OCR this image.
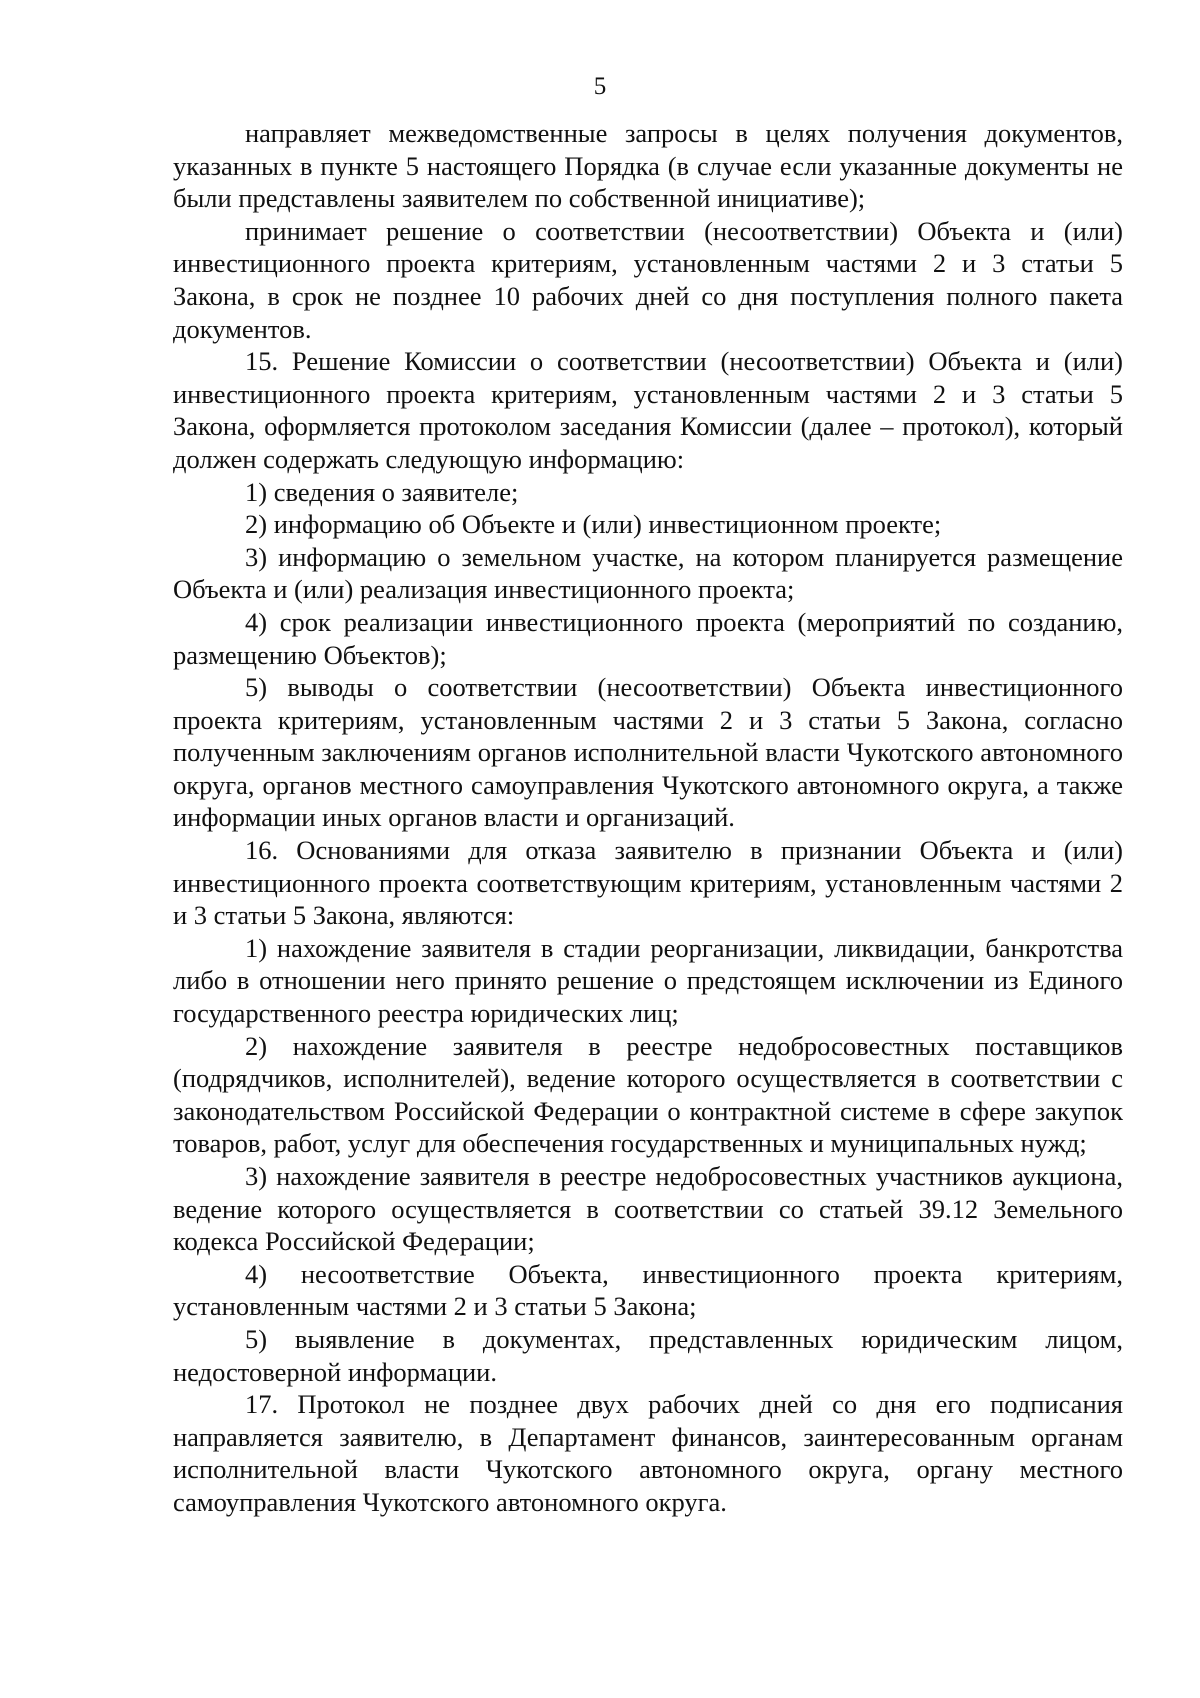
5

направляет межведомственные запросы в целях получения документов, указанных в пункте 5 настоящего Порядка (в случае если указанные документы не были представлены заявителем по собственной инициативе);

принимает решение о соответствии (несоответствии) Объекта и (или) инвестиционного проекта критериям, установленным частями 2 и 3 статьи 5 Закона, в срок не позднее 10 рабочих дней со дня поступления полного пакета документов.

15. Решение Комиссии о соответствии (несоответствии) Объекта и (или) инвестиционного проекта критериям, установленным частями 2 и 3 статьи 5 Закона, оформляется протоколом заседания Комиссии (далее – протокол), который должен содержать следующую информацию:

1) сведения о заявителе;

2) информацию об Объекте и (или) инвестиционном проекте;

3) информацию о земельном участке, на котором планируется размещение Объекта и (или) реализация инвестиционного проекта;

4) срок реализации инвестиционного проекта (мероприятий по созданию, размещению Объектов);

5) выводы о соответствии (несоответствии) Объекта инвестиционного проекта критериям, установленным частями 2 и 3 статьи 5 Закона, согласно полученным заключениям органов исполнительной власти Чукотского автономного округа, органов местного самоуправления Чукотского автономного округа, а также информации иных органов власти и организаций.

16. Основаниями для отказа заявителю в признании Объекта и (или) инвестиционного проекта соответствующим критериям, установленным частями 2 и 3 статьи 5 Закона, являются:

1) нахождение заявителя в стадии реорганизации, ликвидации, банкротства либо в отношении него принято решение о предстоящем исключении из Единого государственного реестра юридических лиц;

2) нахождение заявителя в реестре недобросовестных поставщиков (подрядчиков, исполнителей), ведение которого осуществляется в соответствии с законодательством Российской Федерации о контрактной системе в сфере закупок товаров, работ, услуг для обеспечения государственных и муниципальных нужд;

3) нахождение заявителя в реестре недобросовестных участников аукциона, ведение которого осуществляется в соответствии со статьей 39.12 Земельного кодекса Российской Федерации;

4) несоответствие Объекта, инвестиционного проекта критериям, установленным частями 2 и 3 статьи 5 Закона;

5) выявление в документах, представленных юридическим лицом, недостоверной информации.

17. Протокол не позднее двух рабочих дней со дня его подписания направляется заявителю, в Департамент финансов, заинтересованным органам исполнительной власти Чукотского автономного округа, органу местного самоуправления Чукотского автономного округа.
